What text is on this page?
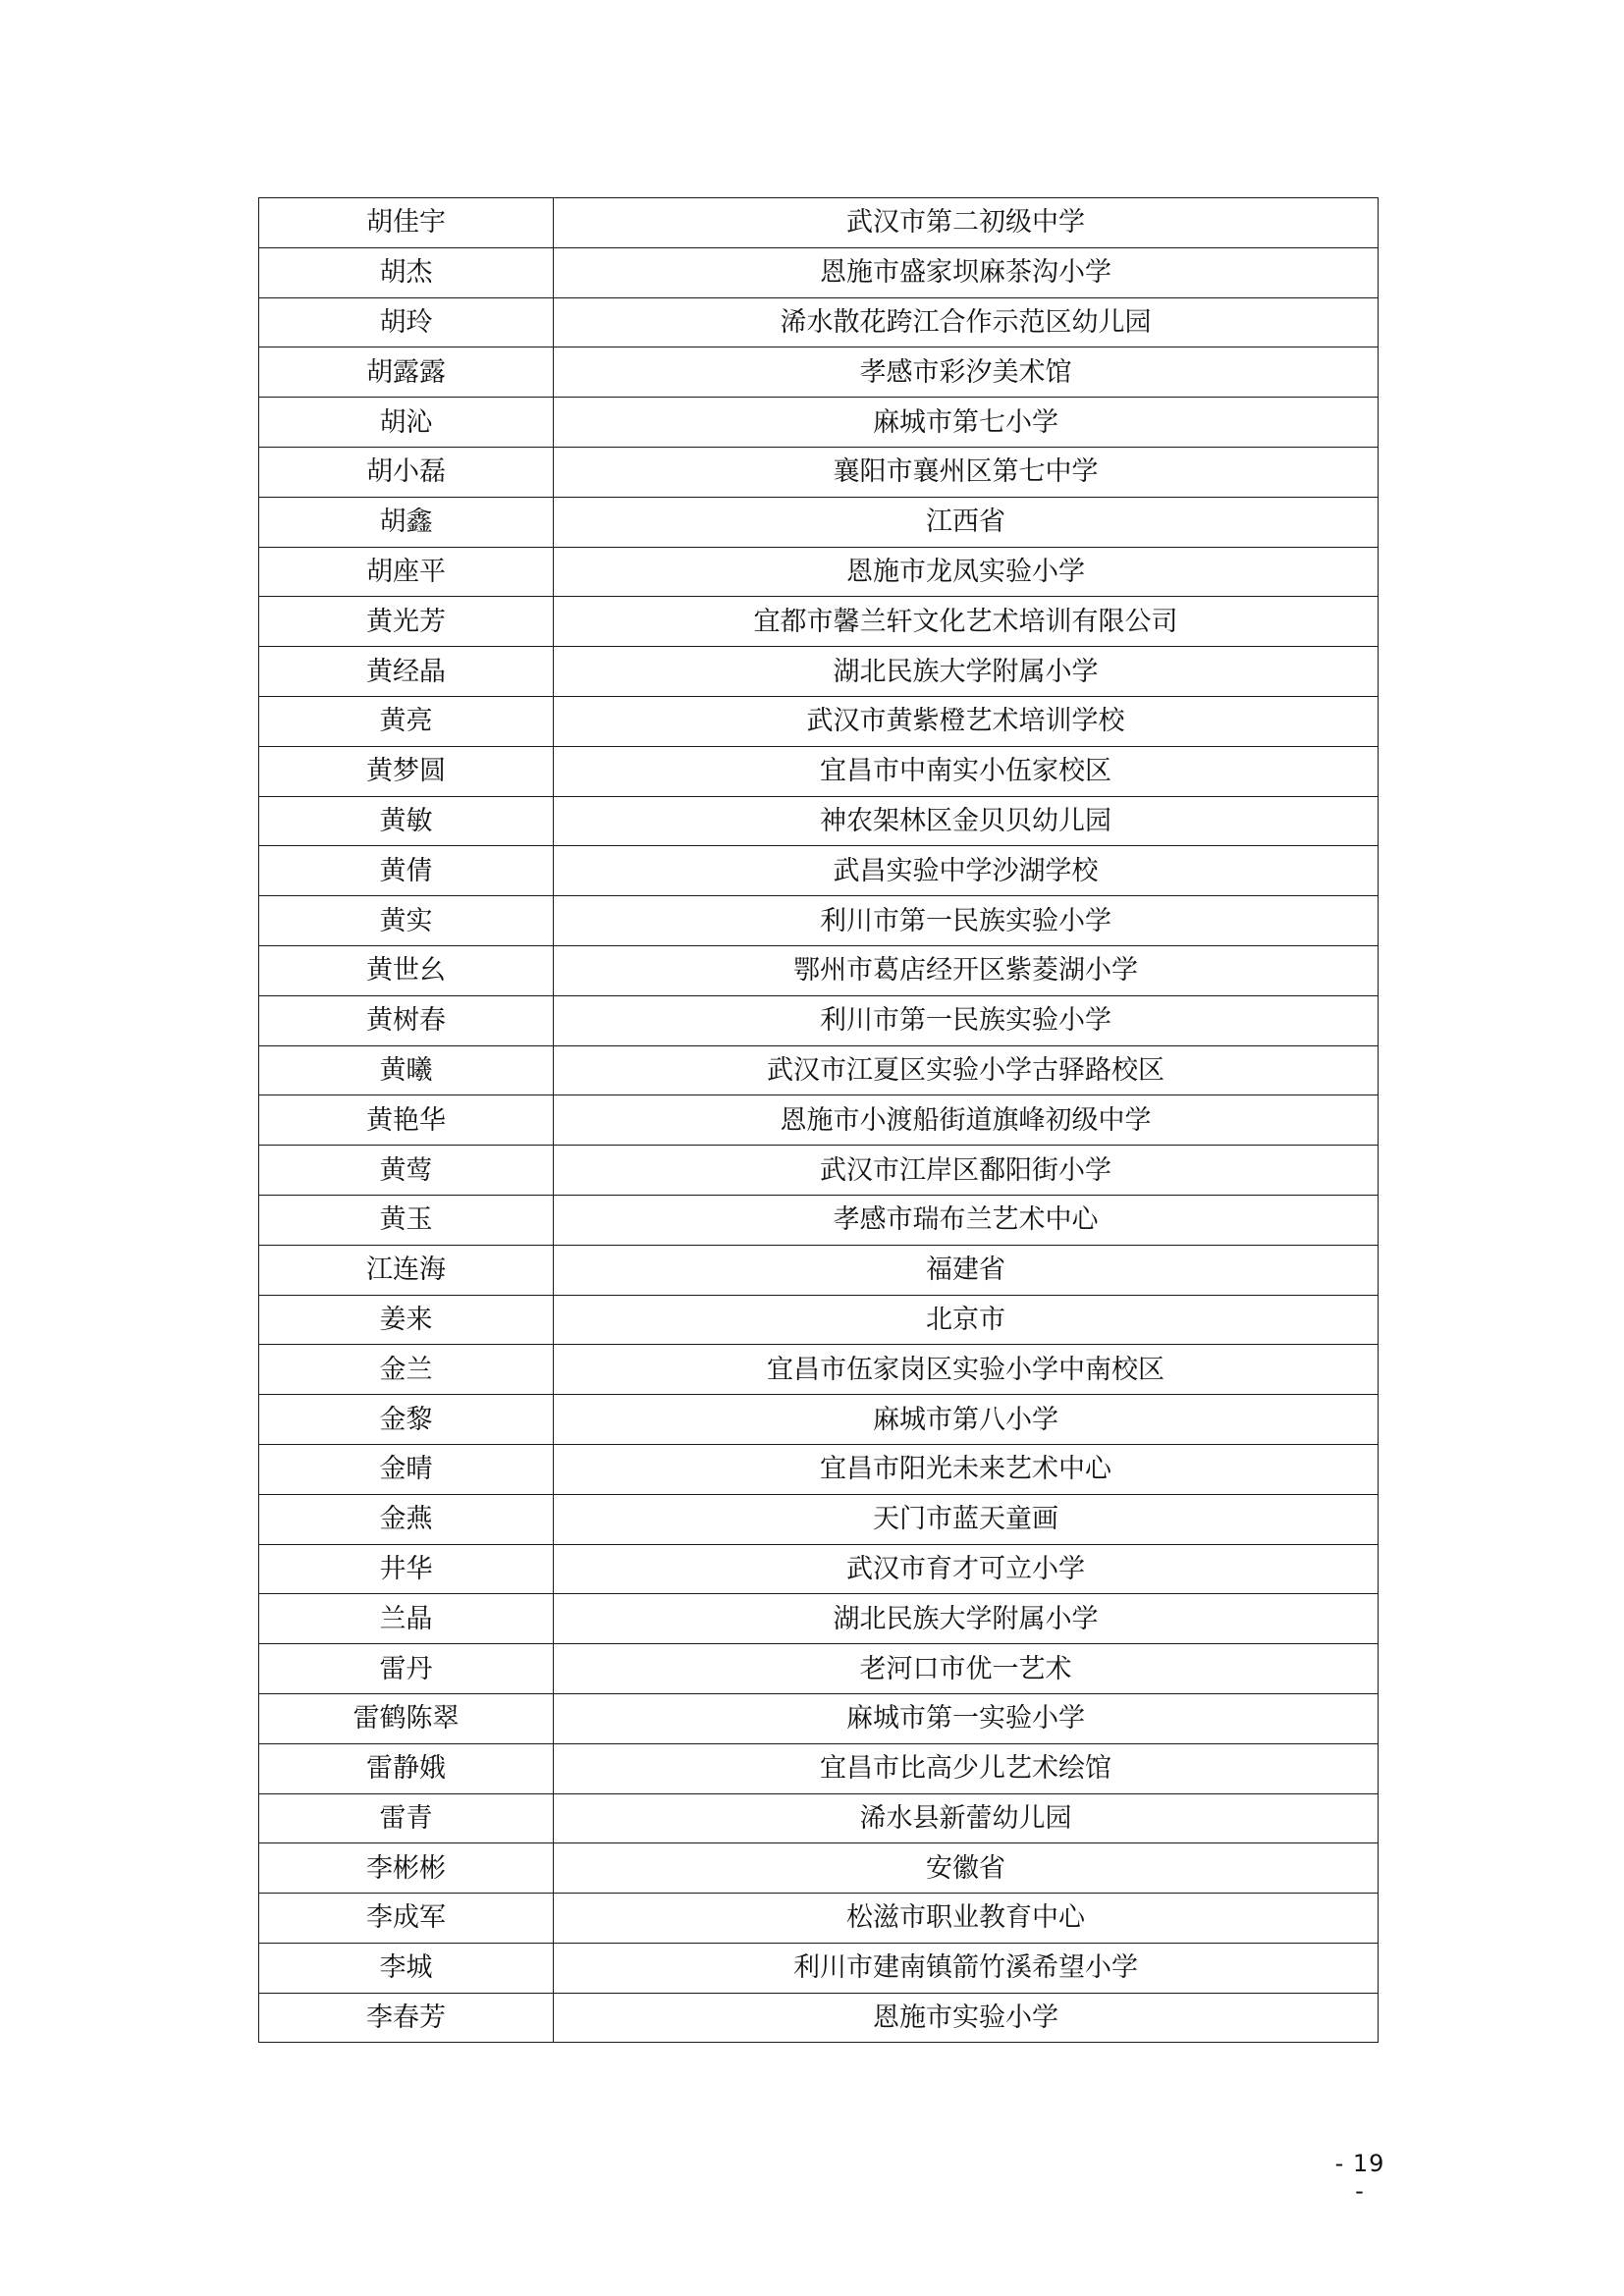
胡佳宇	武汉市第二初级中学
胡杰	恩施市盛家坝麻茶沟小学
胡玲	浠水散花跨江合作示范区幼儿园
胡露露	孝感市彩汐美术馆
胡沁	麻城市第七小学
胡小磊	襄阳市襄州区第七中学
胡鑫	江西省
胡座平	恩施市龙凤实验小学
黄光芳	宜都市馨兰轩文化艺术培训有限公司
黄经晶	湖北民族大学附属小学
黄亮	武汉市黄紫橙艺术培训学校
黄梦圆	宜昌市中南实小伍家校区
黄敏	神农架林区金贝贝幼儿园
黄倩	武昌实验中学沙湖学校
黄实	利川市第一民族实验小学
黄世幺	鄂州市葛店经开区紫菱湖小学
黄树春	利川市第一民族实验小学
黄曦	武汉市江夏区实验小学古驿路校区
黄艳华	恩施市小渡船街道旗峰初级中学
黄莺	武汉市江岸区鄱阳街小学
黄玉	孝感市瑞布兰艺术中心
江连海	福建省
姜来	北京市
金兰	宜昌市伍家岗区实验小学中南校区
金黎	麻城市第八小学
金晴	宜昌市阳光未来艺术中心
金燕	天门市蓝天童画
井华	武汉市育才可立小学
兰晶	湖北民族大学附属小学
雷丹	老河口市优一艺术
雷鹤陈翠	麻城市第一实验小学
雷静娥	宜昌市比高少儿艺术绘馆
雷青	浠水县新蕾幼儿园
李彬彬	安徽省
李成军	松滋市职业教育中心
李城	利川市建南镇箭竹溪希望小学
李春芳	恩施市实验小学
- 19 -
